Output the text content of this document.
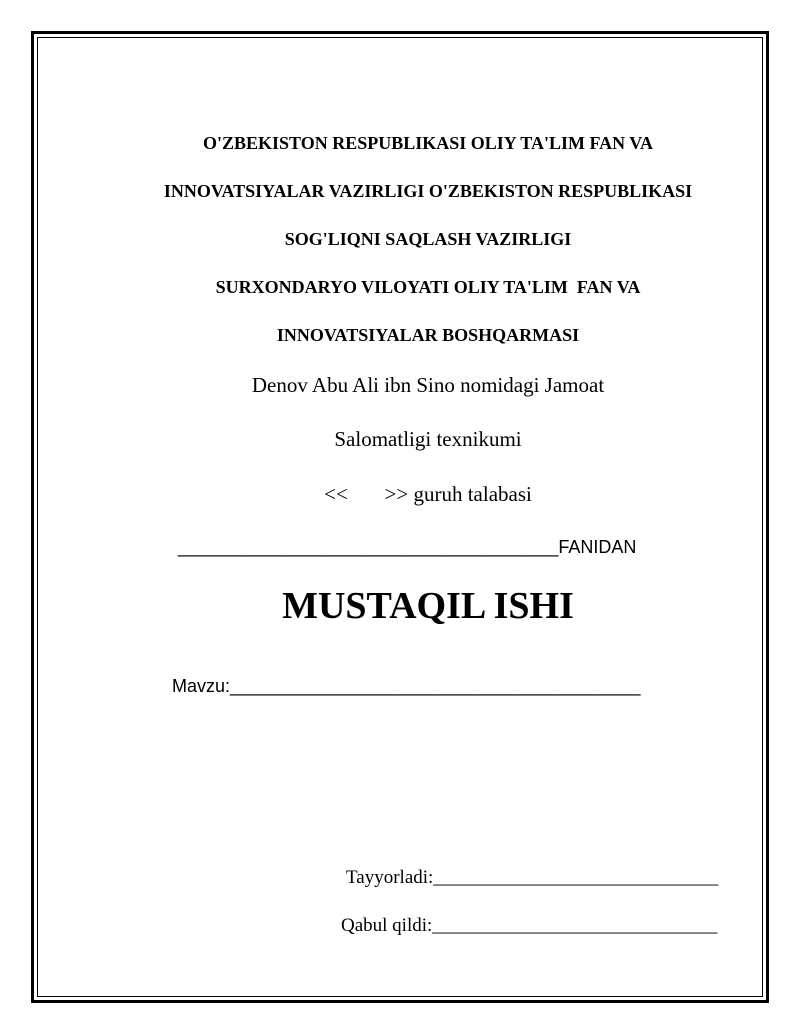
O'ZBEKISTON RESPUBLIKASI OLIY TA'LIM FAN VA
INNOVATSIYALAR VAZIRLIGI O'ZBEKISTON RESPUBLIKASI
SOG'LIQNI SAQLASH VAZIRLIGI
SURXONDARYO VILOYATI OLIY TA'LIM  FAN VA
INNOVATSIYALAR BOSHQARMASI
Denov Abu Ali ibn Sino nomidagi Jamoat
Salomatligi texnikumi
<<       >> guruh talabasi
______________________________________FANIDAN
MUSTAQIL ISHI
Mavzu:_________________________________________
Tayyorladi:______________________________
Qabul qildi:______________________________
